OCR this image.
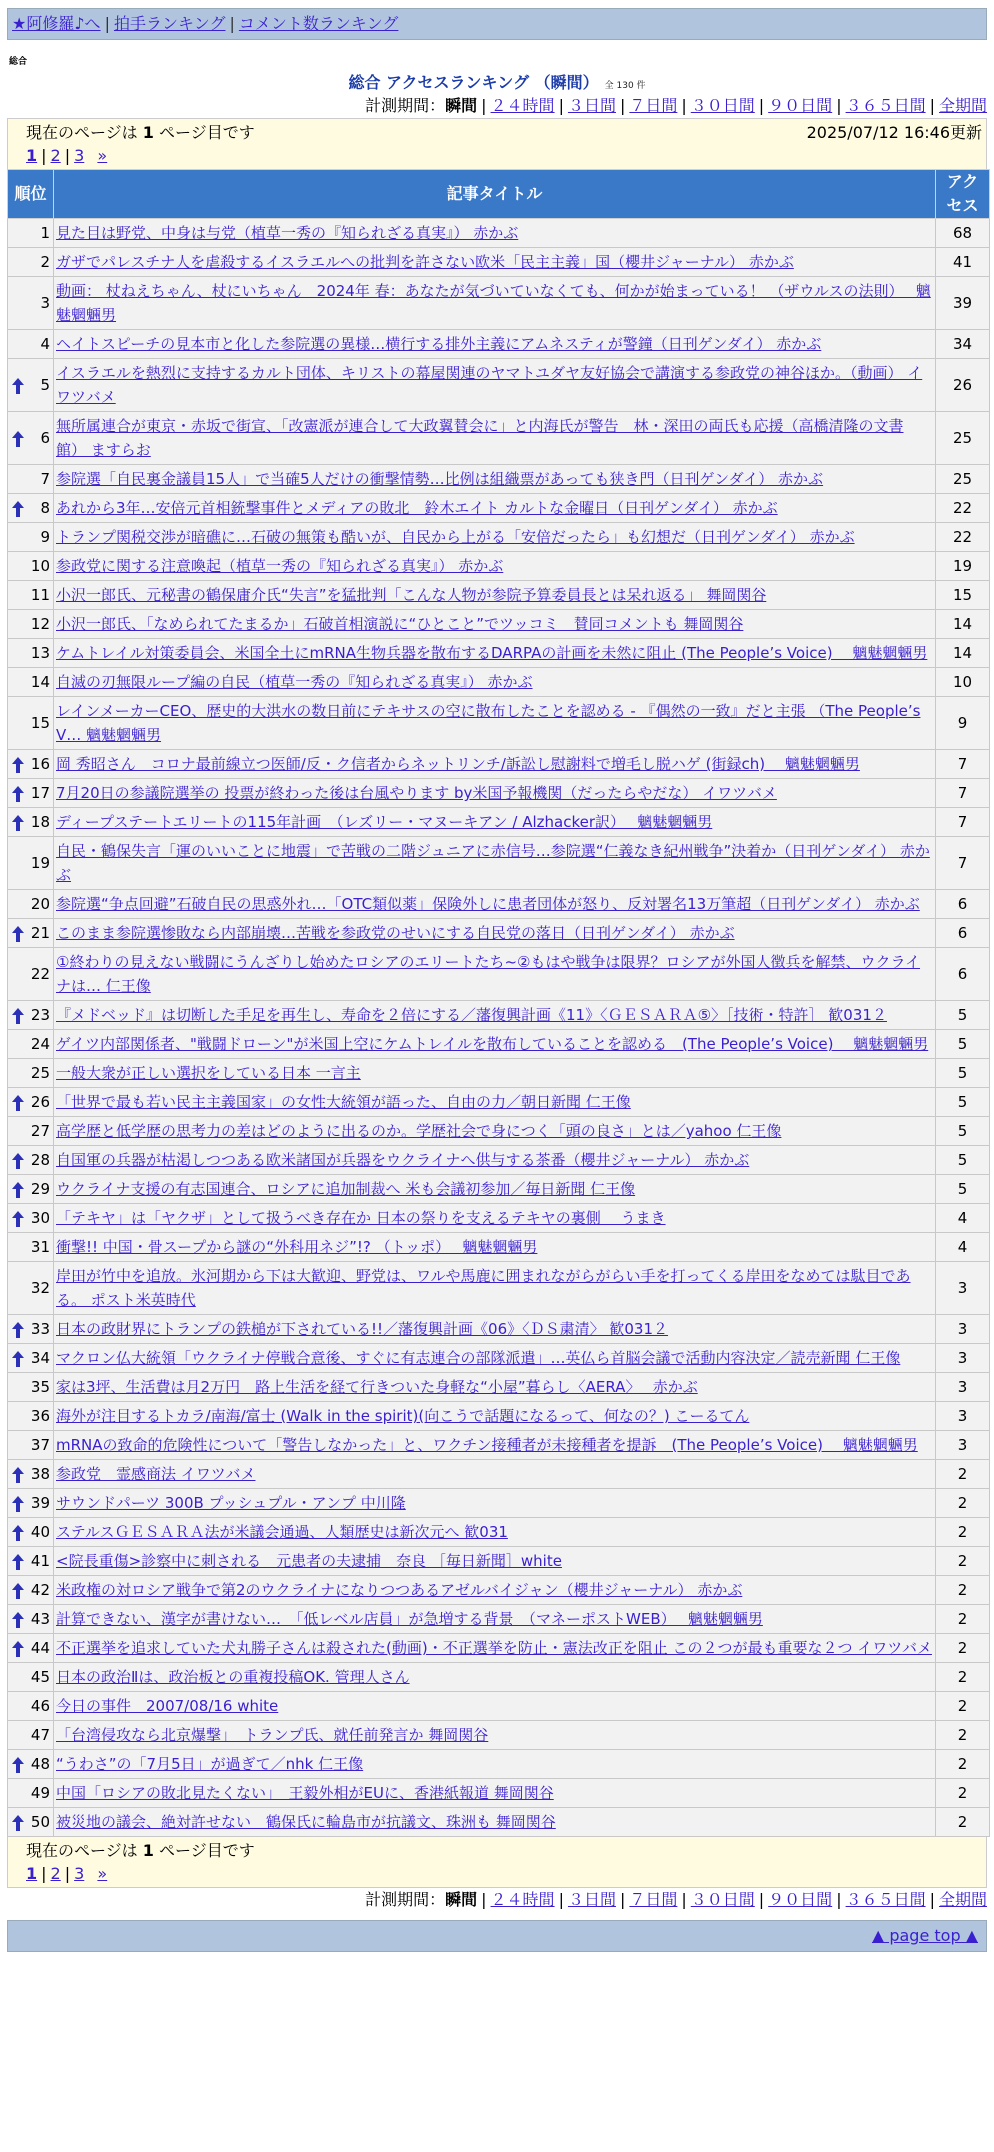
★阿修羅♪へ | 拍手ランキング | コメント数ランキング
総合
総合 アクセスランキング （瞬間） 全 130 件
計測期間：瞬間 | ２４時間 | ３日間 | ７日間 | ３０日間 | ９０日間 | ３６５日間 | 全期間
現在のページは 1 ページ目です	2025/07/12 16:46更新
1 | 2 | 3 »
順位	記事タイトル	アクセス
1	見た目は野党、中身は与党（植草一秀の『知られざる真実』） 赤かぶ	68
2	ガザでパレスチナ人を虐殺するイスラエルへの批判を許さない欧米「民主主義」国（櫻井ジャーナル） 赤かぶ	41
3	動画： 杖ねえちゃん、杖にいちゃん　2024年 春：あなたが気づいていなくても、何かが始まっている！ （ザウルスの法則）　 魑魅魍魎男	39
4	ヘイトスピーチの見本市と化した参院選の異様…横行する排外主義にアムネスティが警鐘（日刊ゲンダイ） 赤かぶ	34

5	イスラエルを熱烈に支持するカルト団体、キリストの幕屋関連のヤマトユダヤ友好協会で講演する参政党の神谷ほか。（動画） イワツバメ	26

6	無所属連合が東京・赤坂で街宣、「改憲派が連合して大政翼賛会に」と内海氏が警告　林・深田の両氏も応援（高橋清隆の文書館） ますらお	25
7	参院選「自民裏金議員15人」で当確5人だけの衝撃情勢…比例は組織票があっても狭き門（日刊ゲンダイ） 赤かぶ	25

8	あれから3年…安倍元首相銃撃事件とメディアの敗北　鈴木エイト カルトな金曜日（日刊ゲンダイ） 赤かぶ	22
9	トランプ関税交渉が暗礁に…石破の無策も酷いが、自民から上がる「安倍だったら」も幻想だ（日刊ゲンダイ） 赤かぶ	22
10	参政党に関する注意喚起（植草一秀の『知られざる真実』） 赤かぶ	19
11	小沢一郎氏、元秘書の鶴保庸介氏“失言”を猛批判「こんな人物が参院予算委員長とは呆れ返る」 舞岡関谷	15
12	小沢一郎氏、「なめられてたまるか」石破首相演説に“ひとこと”でツッコミ　賛同コメントも 舞岡関谷	14
13	ケムトレイル対策委員会、米国全土にmRNA生物兵器を散布するDARPAの計画を未然に阻止 (The People’s Voice)　 魑魅魍魎男	14
14	自滅の刃無限ループ編の自民（植草一秀の『知られざる真実』） 赤かぶ	10
15	レインメーカーCEO、歴史的大洪水の数日前にテキサスの空に散布したことを認める - 『偶然の一致』だと主張 （The People’s V… 魑魅魍魎男	9

16	岡 秀昭さん　コロナ最前線立つ医師/反・ク信者からネットリンチ/訴訟し慰謝料で増毛し脱ハゲ (街録ch)　 魑魅魍魎男	7

17	7月20日の参議院選挙の 投票が終わった後は台風やります by米国予報機関（だったらやだな） イワツバメ	7

18	ディープステートエリートの115年計画　（レズリー・マヌーキアン / Alzhacker訳）　 魑魅魍魎男	7
19	自民・鶴保失言「運のいいことに地震」で苦戦の二階ジュニアに赤信号…参院選“仁義なき紀州戦争”決着か（日刊ゲンダイ） 赤かぶ	7
20	参院選“争点回避”石破自民の思惑外れ…「OTC類似薬」保険外しに患者団体が怒り、反対署名13万筆超（日刊ゲンダイ） 赤かぶ	6

21	このまま参院選惨敗なら内部崩壊…苦戦を参政党のせいにする自民党の落日（日刊ゲンダイ） 赤かぶ	6
22	①終わりの見えない戦闘にうんざりし始めたロシアのエリートたち~②もはや戦争は限界？ロシアが外国人徴兵を解禁、ウクライナは… 仁王像	6

23	『メドベッド』は切断した手足を再生し、寿命を２倍にする／藩復興計画《11》〈ＧＥＳＡＲＡ⑤〉［技術・特許］ 歓031２	5
24	ゲイツ内部関係者、"戦闘ドローン"が米国上空にケムトレイルを散布していることを認める　(The People’s Voice)　 魑魅魍魎男	5
25	一般大衆が正しい選択をしている日本 一言主	5

26	「世界で最も若い民主主義国家」の女性大統領が語った、自由の力／朝日新聞 仁王像	5
27	高学歴と低学歴の思考力の差はどのように出るのか。学歴社会で身につく「頭の良さ」とは／yahoo 仁王像	5

28	自国軍の兵器が枯渇しつつある欧米諸国が兵器をウクライナへ供与する茶番（櫻井ジャーナル） 赤かぶ	5

29	ウクライナ支援の有志国連合、ロシアに追加制裁へ 米も会議初参加／毎日新聞 仁王像	5

30	「テキヤ」は「ヤクザ」として扱うべき存在か 日本の祭りを支えるテキヤの裏側　 うまき	4
31	衝撃!! 中国・骨スープから謎の“外科用ネジ”!? （トッポ）　 魑魅魍魎男	4
32	岸田が竹中を追放。氷河期から下は大歓迎、野党は、ワルや馬鹿に囲まれながらがらい手を打ってくる岸田をなめては駄目である。 ポスト米英時代	3

33	日本の政財界にトランプの鉄槌が下されている!!／藩復興計画《06》〈ＤＳ粛清〉 歓031２	3

34	マクロン仏大統領「ウクライナ停戦合意後、すぐに有志連合の部隊派遣」…英仏ら首脳会議で活動内容決定／読売新聞 仁王像	3
35	家は3坪、生活費は月2万円　路上生活を経て行きついた身軽な“小屋”暮らし〈AERA〉　 赤かぶ	3
36	海外が注目するトカラ/南海/富士 (Walk in the spirit)(向こうで話題になるって、何なの？) こーるてん	3
37	mRNAの致命的危険性について「警告しなかった」と、ワクチン接種者が未接種者を提訴　(The People’s Voice)　 魑魅魍魎男	3

38	参政党　霊感商法 イワツバメ	2

39	サウンドパーツ 300B プッシュプル・アンプ 中川隆	2

40	ステルスＧＥＳＡＲＡ法が米議会通過、人類歴史は新次元へ 歓031	2

41	<院長重傷>診察中に刺される　元患者の夫逮捕　奈良 ［毎日新聞］white	2

42	米政権の対ロシア戦争で第2のウクライナになりつつあるアゼルバイジャン（櫻井ジャーナル） 赤かぶ	2

43	計算できない、漢字が書けない…　「低レベル店員」が急増する背景　（マネーポストWEB）　 魑魅魍魎男	2

44	不正選挙を追求していた犬丸勝子さんは殺された(動画)・不正選挙を防止・憲法改正を阻止 この２つが最も重要な２つ イワツバメ	2
45	日本の政治Ⅱは、政治板との重複投稿OK. 管理人さん	2
46	今日の事件　2007/08/16 white	2
47	「台湾侵攻なら北京爆撃」　トランプ氏、就任前発言か 舞岡関谷	2

48	“うわさ”の「7月5日」が過ぎて／nhk 仁王像	2
49	中国「ロシアの敗北見たくない」　王毅外相がEUに、香港紙報道 舞岡関谷	2

50	被災地の議会、絶対許せない　鶴保氏に輪島市が抗議文、珠洲も 舞岡関谷	2
現在のページは 1 ページ目です
1 | 2 | 3 »
計測期間：瞬間 | ２４時間 | ３日間 | ７日間 | ３０日間 | ９０日間 | ３６５日間 | 全期間
▲ page top ▲
